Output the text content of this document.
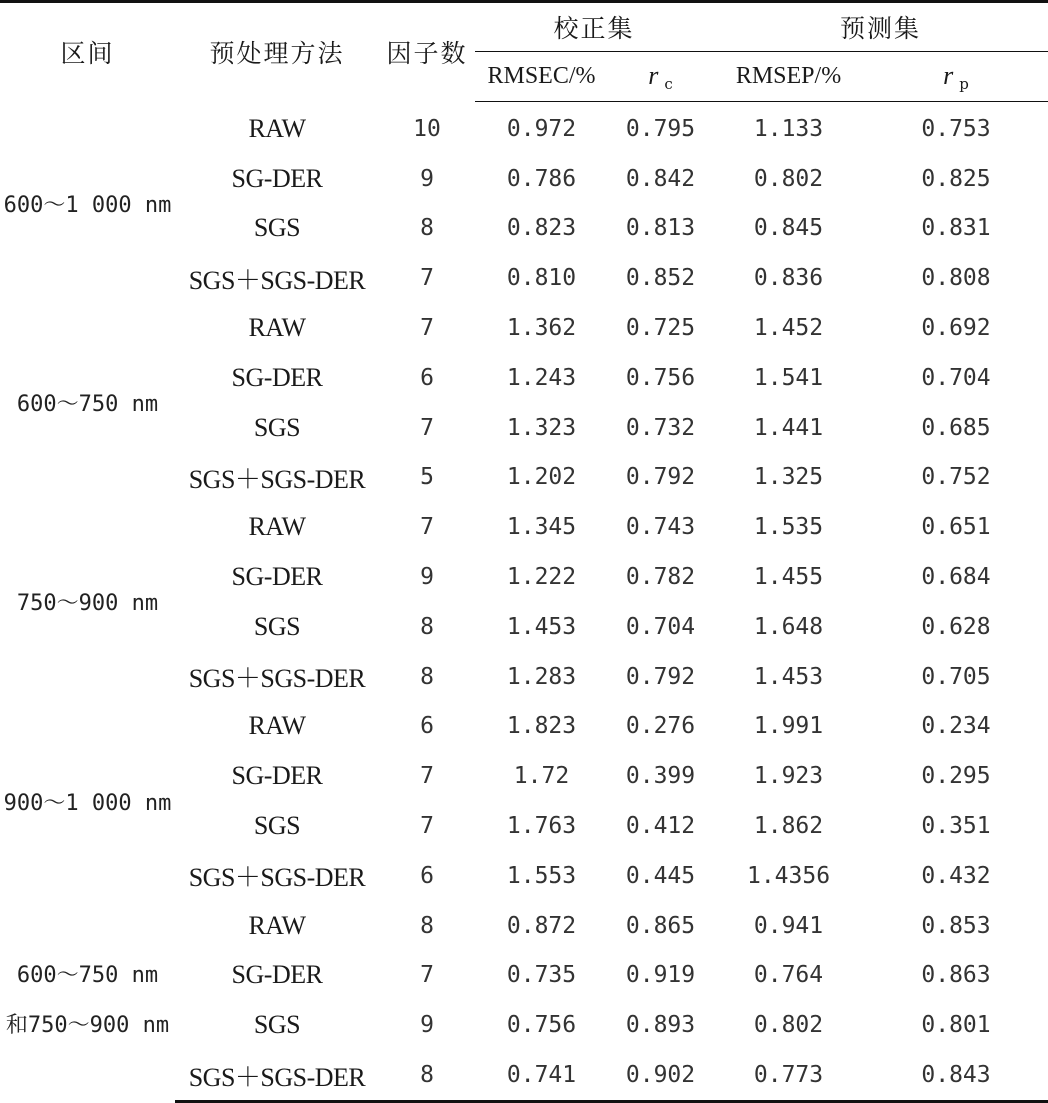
区间	预处理方法	因子数	校正集		预测集	
			RMSEC/%	r $_c$	RMSEP/%	r $_p$

600～1 000 nm	RAW	10	0.972	0.795	1.133	0.753
	SG-DER	9	0.786	0.842	0.802	0.825
	SGS	8	0.823	0.813	0.845	0.831
	SGS＋SGS-DER	7	0.810	0.852	0.836	0.808

600～750 nm	RAW	7	1.362	0.725	1.452	0.692
	SG-DER	6	1.243	0.756	1.541	0.704
	SGS	7	1.323	0.732	1.441	0.685
	SGS＋SGS-DER	5	1.202	0.792	1.325	0.752

750～900 nm	RAW	7	1.345	0.743	1.535	0.651
	SG-DER	9	1.222	0.782	1.455	0.684
	SGS	8	1.453	0.704	1.648	0.628
	SGS＋SGS-DER	8	1.283	0.792	1.453	0.705

900～1 000 nm	RAW	6	1.823	0.276	1.991	0.234
	SG-DER	7	1.72	0.399	1.923	0.295
	SGS	7	1.763	0.412	1.862	0.351
	SGS＋SGS-DER	6	1.553	0.445	1.4356	0.432

600～750 nm
和750～900 nm	RAW	8	0.872	0.865	0.941	0.853
	SG-DER	7	0.735	0.919	0.764	0.863
	SGS	9	0.756	0.893	0.802	0.801
	SGS＋SGS-DER	8	0.741	0.902	0.773	0.843
